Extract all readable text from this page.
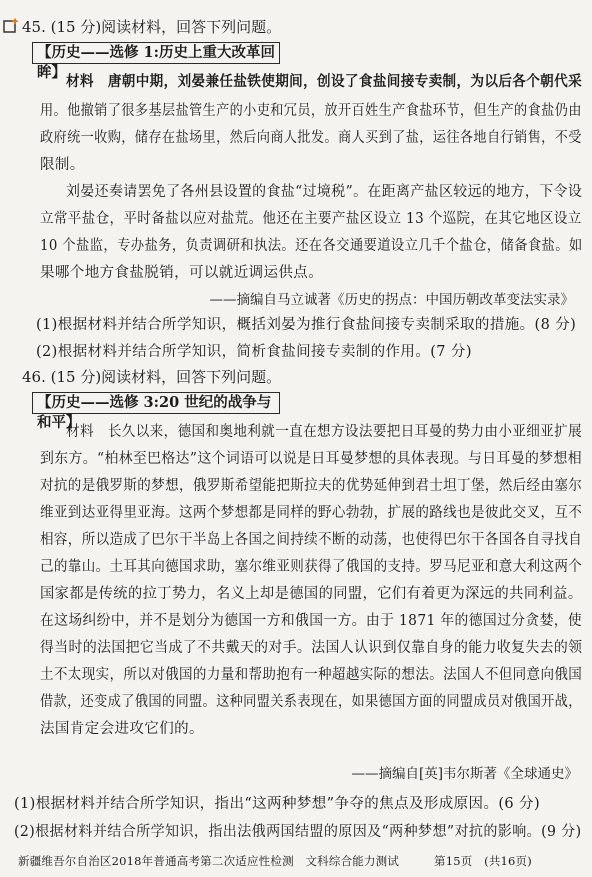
45. (15 分)阅读材料，回答下列问题。
【历史——选修 1:历史上重大改革回眸】
材料　唐朝中期，刘晏兼任盐铁使期间，创设了食盐间接专卖制，为以后各个朝代采
用。他撤销了很多基层盐管生产的小吏和冗员，放开百姓生产食盐环节，但生产的食盐仍由
政府统一收购，储存在盐场里，然后向商人批发。商人买到了盐，运往各地自行销售，不受
限制。
刘晏还奏请罢免了各州县设置的食盐“过境税”。在距离产盐区较远的地方，下令设
立常平盐仓，平时备盐以应对盐荒。他还在主要产盐区设立 13 个巡院，在其它地区设立
10 个盐监，专办盐务，负责调研和执法。还在各交通要道设立几千个盐仓，储备食盐。如
果哪个地方食盐脱销，可以就近调运供点。
——摘编自马立诚著《历史的拐点：中国历朝改革变法实录》
(1)根据材料并结合所学知识，概括刘晏为推行食盐间接专卖制采取的措施。(8 分)
(2)根据材料并结合所学知识，简析食盐间接专卖制的作用。(7 分)
46. (15 分)阅读材料，回答下列问题。
【历史——选修 3:20 世纪的战争与和平】
材料　长久以来，德国和奥地利就一直在想方设法要把日耳曼的势力由小亚细亚扩展
到东方。“柏林至巴格达”这个词语可以说是日耳曼梦想的具体表现。与日耳曼的梦想相
对抗的是俄罗斯的梦想，俄罗斯希望能把斯拉夫的优势延伸到君士坦丁堡，然后经由塞尔
维亚到达亚得里亚海。这两个梦想都是同样的野心勃勃，扩展的路线也是彼此交叉，互不
相容，所以造成了巴尔干半岛上各国之间持续不断的动荡，也使得巴尔干各国各自寻找自
己的靠山。土耳其向德国求助，塞尔维亚则获得了俄国的支持。罗马尼亚和意大利这两个
国家都是传统的拉丁势力，名义上却是德国的同盟，它们有着更为深远的共同利益。
在这场纠纷中，并不是划分为德国一方和俄国一方。由于 1871 年的德国过分贪婪，使
得当时的法国把它当成了不共戴天的对手。法国人认识到仅靠自身的能力收复失去的领
土不太现实，所以对俄国的力量和帮助抱有一种超越实际的想法。法国人不但同意向俄国
借款，还变成了俄国的同盟。这种同盟关系表现在，如果德国方面的同盟成员对俄国开战，
法国肯定会进攻它们的。
——摘编自[英]韦尔斯著《全球通史》
(1)根据材料并结合所学知识，指出“这两种梦想”争夺的焦点及形成原因。(6 分)
(2)根据材料并结合所学知识，指出法俄两国结盟的原因及“两种梦想”对抗的影响。(9 分)
新疆维吾尔自治区2018年普通高考第二次适应性检测　文科综合能力测试	第15页　(共16页)
